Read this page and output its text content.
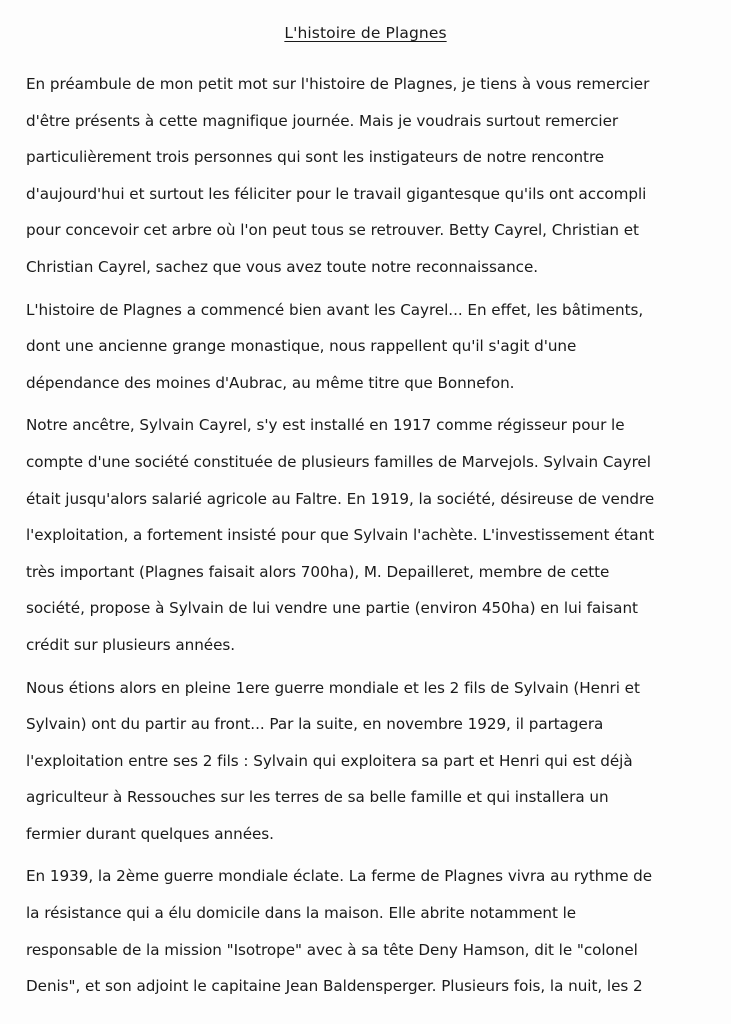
L'histoire de Plagnes
En préambule de mon petit mot sur l'histoire de Plagnes, je tiens à vous remercier
d'être présents à cette magnifique journée. Mais je voudrais surtout remercier
particulièrement trois personnes qui sont les instigateurs de notre rencontre
d'aujourd'hui et surtout les féliciter pour le travail gigantesque qu'ils ont accompli
pour concevoir cet arbre où l'on peut tous se retrouver. Betty Cayrel, Christian et
Christian Cayrel, sachez que vous avez toute notre reconnaissance.
L'histoire de Plagnes a commencé bien avant les Cayrel... En effet, les bâtiments,
dont une ancienne grange monastique, nous rappellent qu'il s'agit d'une
dépendance des moines d'Aubrac, au même titre que Bonnefon.
Notre ancêtre, Sylvain Cayrel, s'y est installé en 1917 comme régisseur pour le
compte d'une société constituée de plusieurs familles de Marvejols. Sylvain Cayrel
était jusqu'alors salarié agricole au Faltre. En 1919, la société, désireuse de vendre
l'exploitation, a fortement insisté pour que Sylvain l'achète. L'investissement étant
très important (Plagnes faisait alors 700ha), M. Depailleret, membre de cette
société, propose à Sylvain de lui vendre une partie (environ 450ha) en lui faisant
crédit sur plusieurs années.
Nous étions alors en pleine 1ere guerre mondiale et les 2 fils de Sylvain (Henri et
Sylvain) ont du partir au front... Par la suite, en novembre 1929, il partagera
l'exploitation entre ses 2 fils : Sylvain qui exploitera sa part et Henri qui est déjà
agriculteur à Ressouches sur les terres de sa belle famille et qui installera un
fermier durant quelques années.
En 1939, la 2ème guerre mondiale éclate. La ferme de Plagnes vivra au rythme de
la résistance qui a élu domicile dans la maison. Elle abrite notamment le
responsable de la mission "Isotrope" avec à sa tête Deny Hamson, dit le "colonel
Denis", et son adjoint le capitaine Jean Baldensperger. Plusieurs fois, la nuit, les 2
